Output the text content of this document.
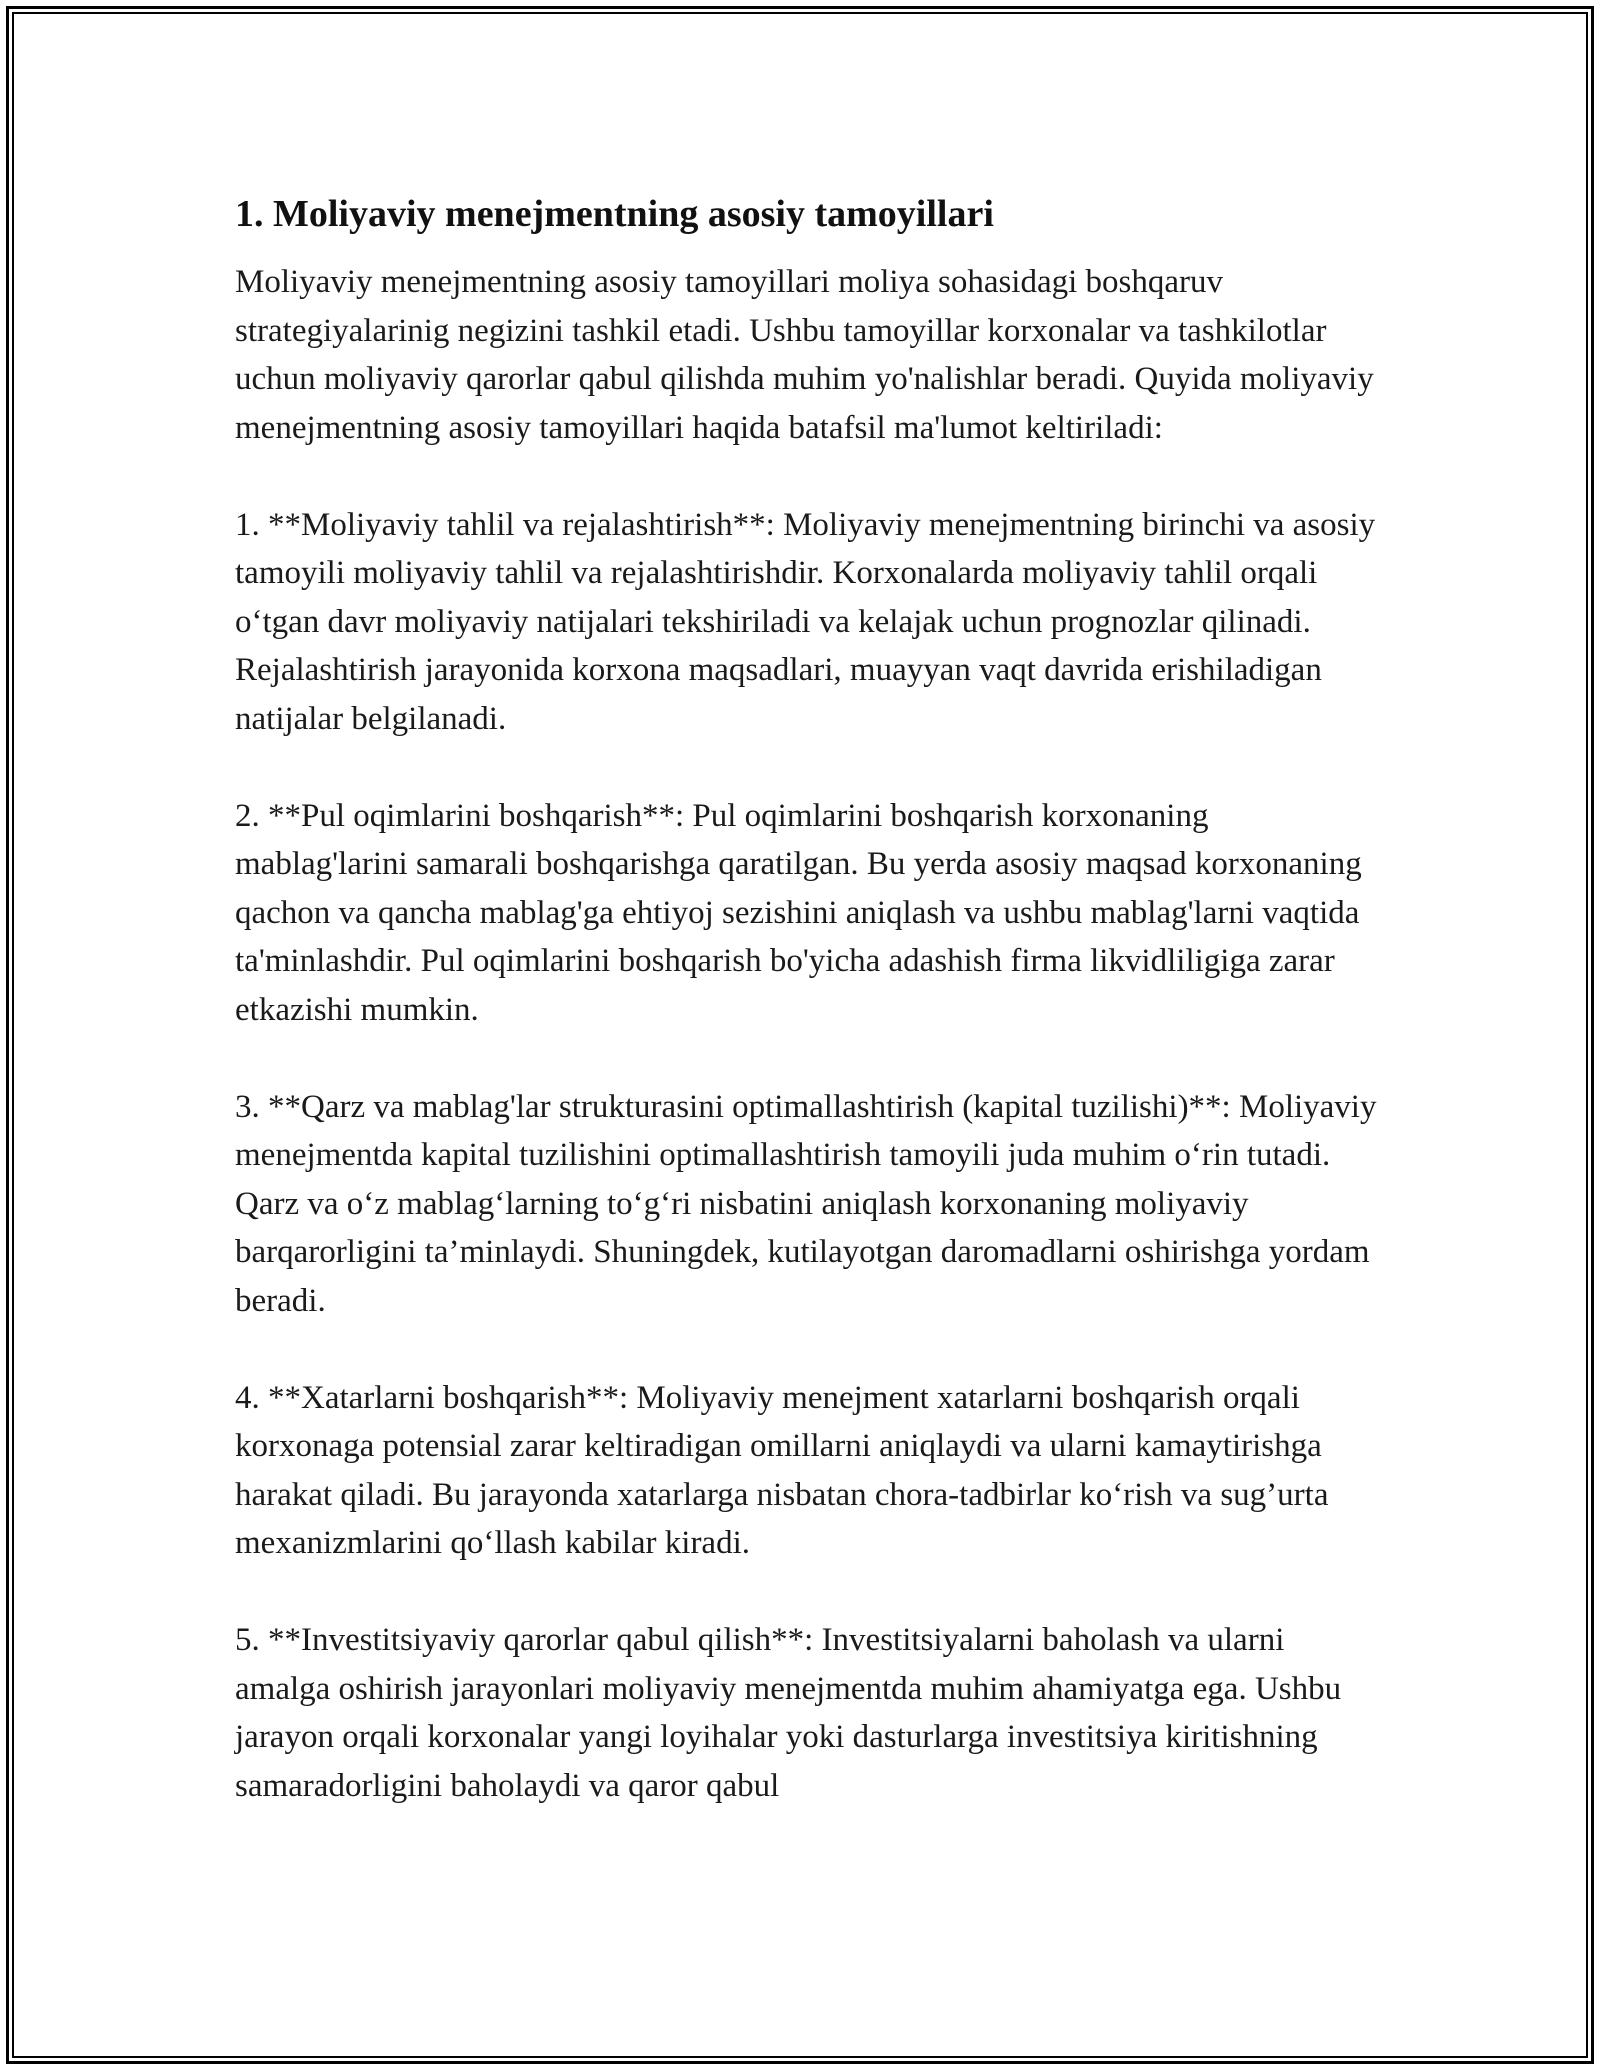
1. Moliyaviy menejmentning asosiy tamoyillari

Moliyaviy menejmentning asosiy tamoyillari moliya sohasidagi boshqaruv strategiyalarinig negizini tashkil etadi. Ushbu tamoyillar korxonalar va tashkilotlar uchun moliyaviy qarorlar qabul qilishda muhim yo'nalishlar beradi. Quyida moliyaviy menejmentning asosiy tamoyillari haqida batafsil ma'lumot keltiriladi:

1. **Moliyaviy tahlil va rejalashtirish**: Moliyaviy menejmentning birinchi va asosiy tamoyili moliyaviy tahlil va rejalashtirishdir. Korxonalarda moliyaviy tahlil orqali o‘tgan davr moliyaviy natijalari tekshiriladi va kelajak uchun prognozlar qilinadi. Rejalashtirish jarayonida korxona maqsadlari, muayyan vaqt davrida erishiladigan natijalar belgilanadi.

2. **Pul oqimlarini boshqarish**: Pul oqimlarini boshqarish korxonaning mablag'larini samarali boshqarishga qaratilgan. Bu yerda asosiy maqsad korxonaning qachon va qancha mablag'ga ehtiyoj sezishini aniqlash va ushbu mablag'larni vaqtida ta'minlashdir. Pul oqimlarini boshqarish bo'yicha adashish firma likvidliligiga zarar etkazishi mumkin.

3. **Qarz va mablag'lar strukturasini optimallashtirish (kapital tuzilishi)**: Moliyaviy menejmentda kapital tuzilishini optimallashtirish tamoyili juda muhim o‘rin tutadi. Qarz va o‘z mablag‘larning to‘g‘ri nisbatini aniqlash korxonaning moliyaviy barqarorligini ta’minlaydi. Shuningdek, kutilayotgan daromadlarni oshirishga yordam beradi.

4. **Xatarlarni boshqarish**: Moliyaviy menejment xatarlarni boshqarish orqali korxonaga potensial zarar keltiradigan omillarni aniqlaydi va ularni kamaytirishga harakat qiladi. Bu jarayonda xatarlarga nisbatan chora-tadbirlar ko‘rish va sug’urta mexanizmlarini qo‘llash kabilar kiradi.

5. **Investitsiyaviy qarorlar qabul qilish**: Investitsiyalarni baholash va ularni amalga oshirish jarayonlari moliyaviy menejmentda muhim ahamiyatga ega. Ushbu jarayon orqali korxonalar yangi loyihalar yoki dasturlarga investitsiya kiritishning samaradorligini baholaydi va qaror qabul
